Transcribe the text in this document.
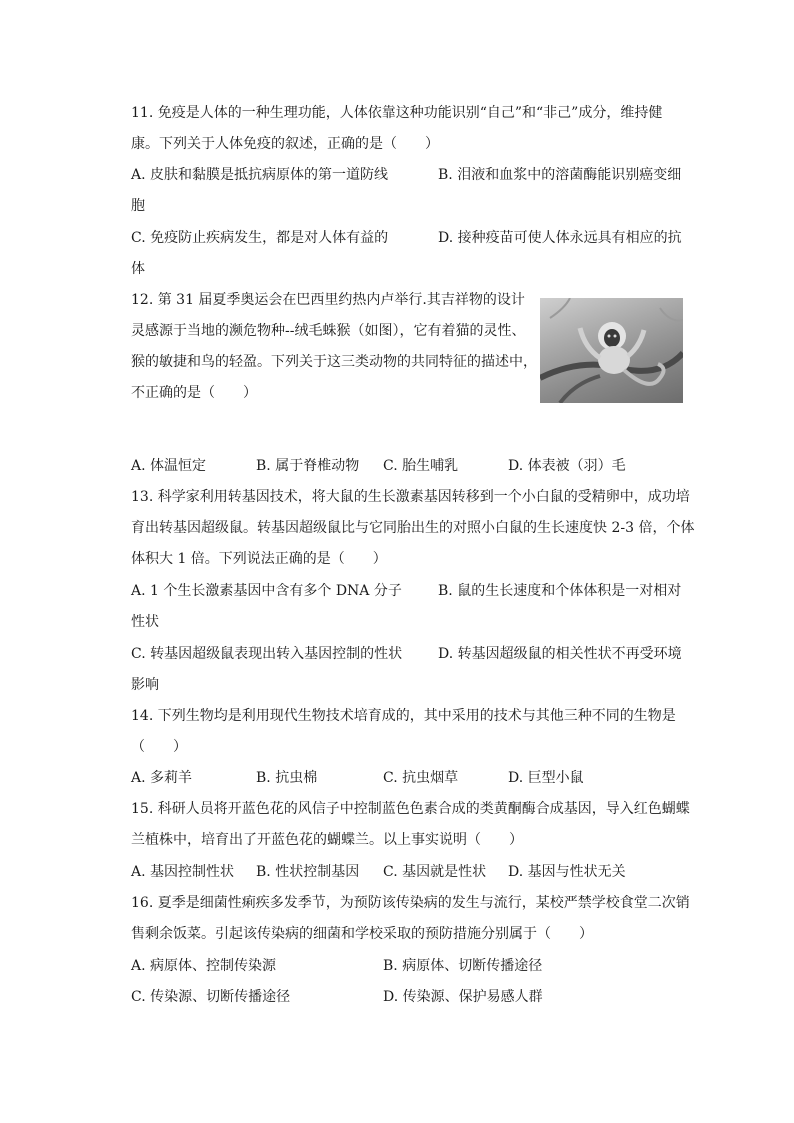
11. 免疫是人体的一种生理功能，人体依靠这种功能识别“自己”和“非己”成分，维持健
康。下列关于人体免疫的叙述，正确的是（　　）
A. 皮肤和黏膜是抵抗病原体的第一道防线	B. 泪液和血浆中的溶菌酶能识别癌变细
胞
C. 免疫防止疾病发生，都是对人体有益的	D. 接种疫苗可使人体永远具有相应的抗
体
12. 第 31 届夏季奥运会在巴西里约热内卢举行.其吉祥物的设计
灵感源于当地的濒危物种--绒毛蛛猴（如图），它有着猫的灵性、
猴的敏捷和鸟的轻盈。下列关于这三类动物的共同特征的描述中，
不正确的是（　　）
A. 体温恒定	B. 属于脊椎动物 C. 胎生哺乳	D. 体表被（羽）毛
13. 科学家利用转基因技术，将大鼠的生长激素基因转移到一个小白鼠的受精卵中，成功培
育出转基因超级鼠。转基因超级鼠比与它同胎出生的对照小白鼠的生长速度快 2-3 倍，个体
体积大 1 倍。下列说法正确的是（　　）
A. 1 个生长激素基因中含有多个 DNA 分子	B. 鼠的生长速度和个体体积是一对相对
性状
C. 转基因超级鼠表现出转入基因控制的性状	D. 转基因超级鼠的相关性状不再受环境
影响
14. 下列生物均是利用现代生物技术培育成的，其中采用的技术与其他三种不同的生物是
（　　）
A. 多莉羊	B. 抗虫棉	C. 抗虫烟草	D. 巨型小鼠
15. 科研人员将开蓝色花的风信子中控制蓝色色素合成的类黄酮酶合成基因，导入红色蝴蝶
兰植株中，培育出了开蓝色花的蝴蝶兰。以上事实说明（　　）
A. 基因控制性状 B. 性状控制基因 C. 基因就是性状 D. 基因与性状无关
16. 夏季是细菌性痢疾多发季节，为预防该传染病的发生与流行，某校严禁学校食堂二次销
售剩余饭菜。引起该传染病的细菌和学校采取的预防措施分别属于（　　）
A. 病原体、控制传染源	B. 病原体、切断传播途径
C. 传染源、切断传播途径	D. 传染源、保护易感人群
